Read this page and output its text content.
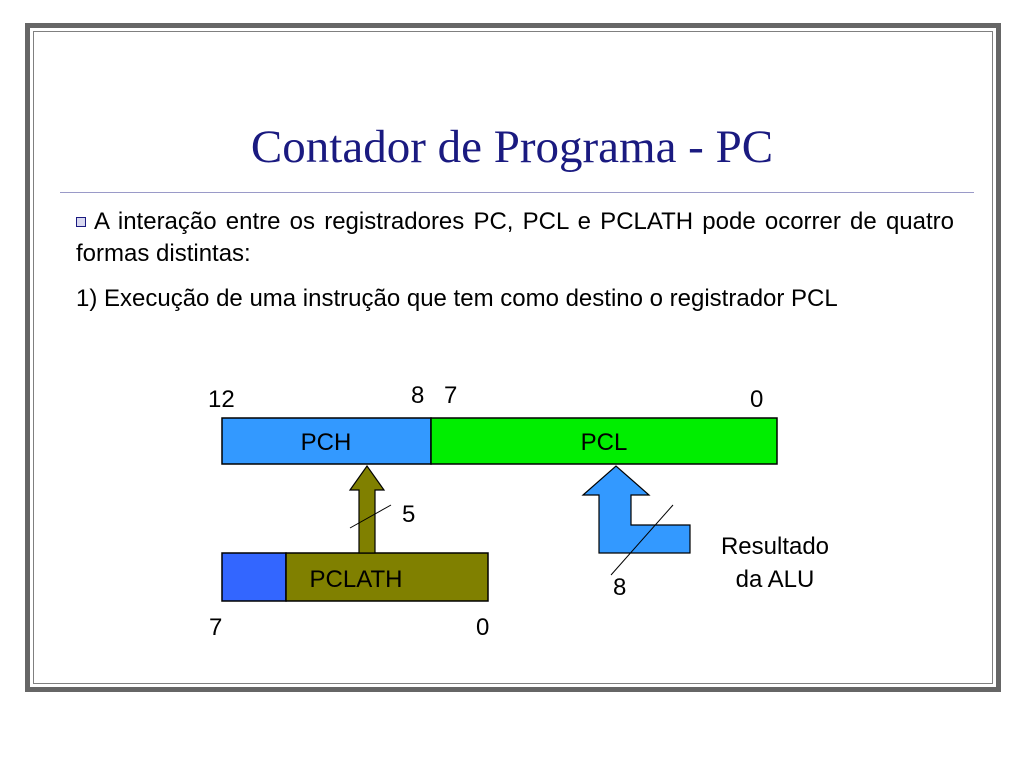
Contador de Programa - PC
A interação entre os registradores PC, PCL e PCLATH pode ocorrer de quatro formas distintas:
1) Execução de uma instrução que tem como destino o registrador PCL
PCH	PCL
12	8 7	0
PCLATH
7	0
5
8
Resultado
da ALU
